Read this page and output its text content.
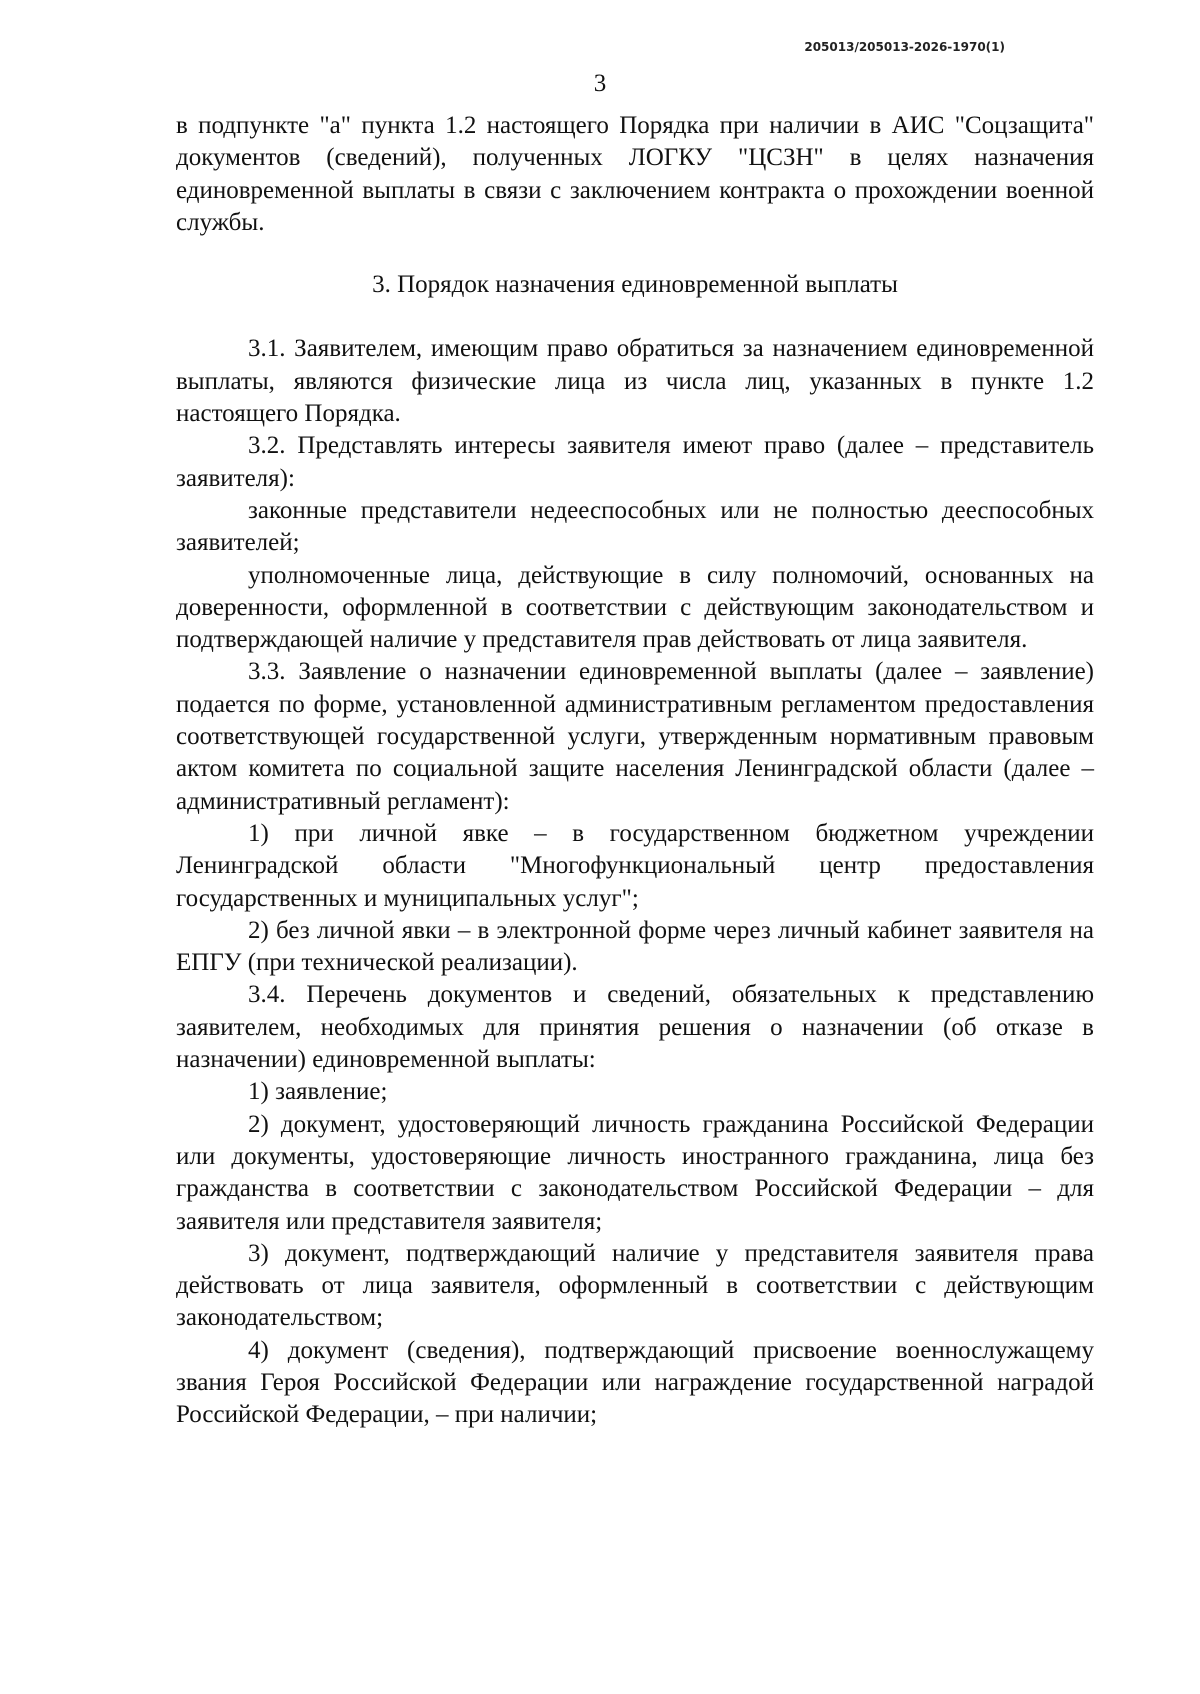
205013/205013-2026-1970(1)
3

в подпункте "а" пункта 1.2 настоящего Порядка при наличии в АИС "Соцзащита" документов (сведений), полученных ЛОГКУ "ЦСЗН" в целях назначения единовременной выплаты в связи с заключением контракта о прохождении военной службы.

3. Порядок назначения единовременной выплаты

3.1. Заявителем, имеющим право обратиться за назначением единовременной выплаты, являются физические лица из числа лиц, указанных в пункте 1.2 настоящего Порядка.

3.2. Представлять интересы заявителя имеют право (далее – представитель заявителя):

законные представители недееспособных или не полностью дееспособных заявителей;

уполномоченные лица, действующие в силу полномочий, основанных на доверенности, оформленной в соответствии с действующим законодательством и подтверждающей наличие у представителя прав действовать от лица заявителя.

3.3. Заявление о назначении единовременной выплаты (далее – заявление) подается по форме, установленной административным регламентом предоставления соответствующей государственной услуги, утвержденным нормативным правовым актом комитета по социальной защите населения Ленинградской области (далее – административный регламент):

1) при личной явке – в государственном бюджетном учреждении Ленинградской области "Многофункциональный центр предоставления государственных и муниципальных услуг";

2) без личной явки – в электронной форме через личный кабинет заявителя на ЕПГУ (при технической реализации).

3.4. Перечень документов и сведений, обязательных к представлению заявителем, необходимых для принятия решения о назначении (об отказе в назначении) единовременной выплаты:

1) заявление;

2) документ, удостоверяющий личность гражданина Российской Федерации или документы, удостоверяющие личность иностранного гражданина, лица без гражданства в соответствии с законодательством Российской Федерации – для заявителя или представителя заявителя;

3) документ, подтверждающий наличие у представителя заявителя права действовать от лица заявителя, оформленный в соответствии с действующим законодательством;

4) документ (сведения), подтверждающий присвоение военнослужащему звания Героя Российской Федерации или награждение государственной наградой Российской Федерации, – при наличии;
